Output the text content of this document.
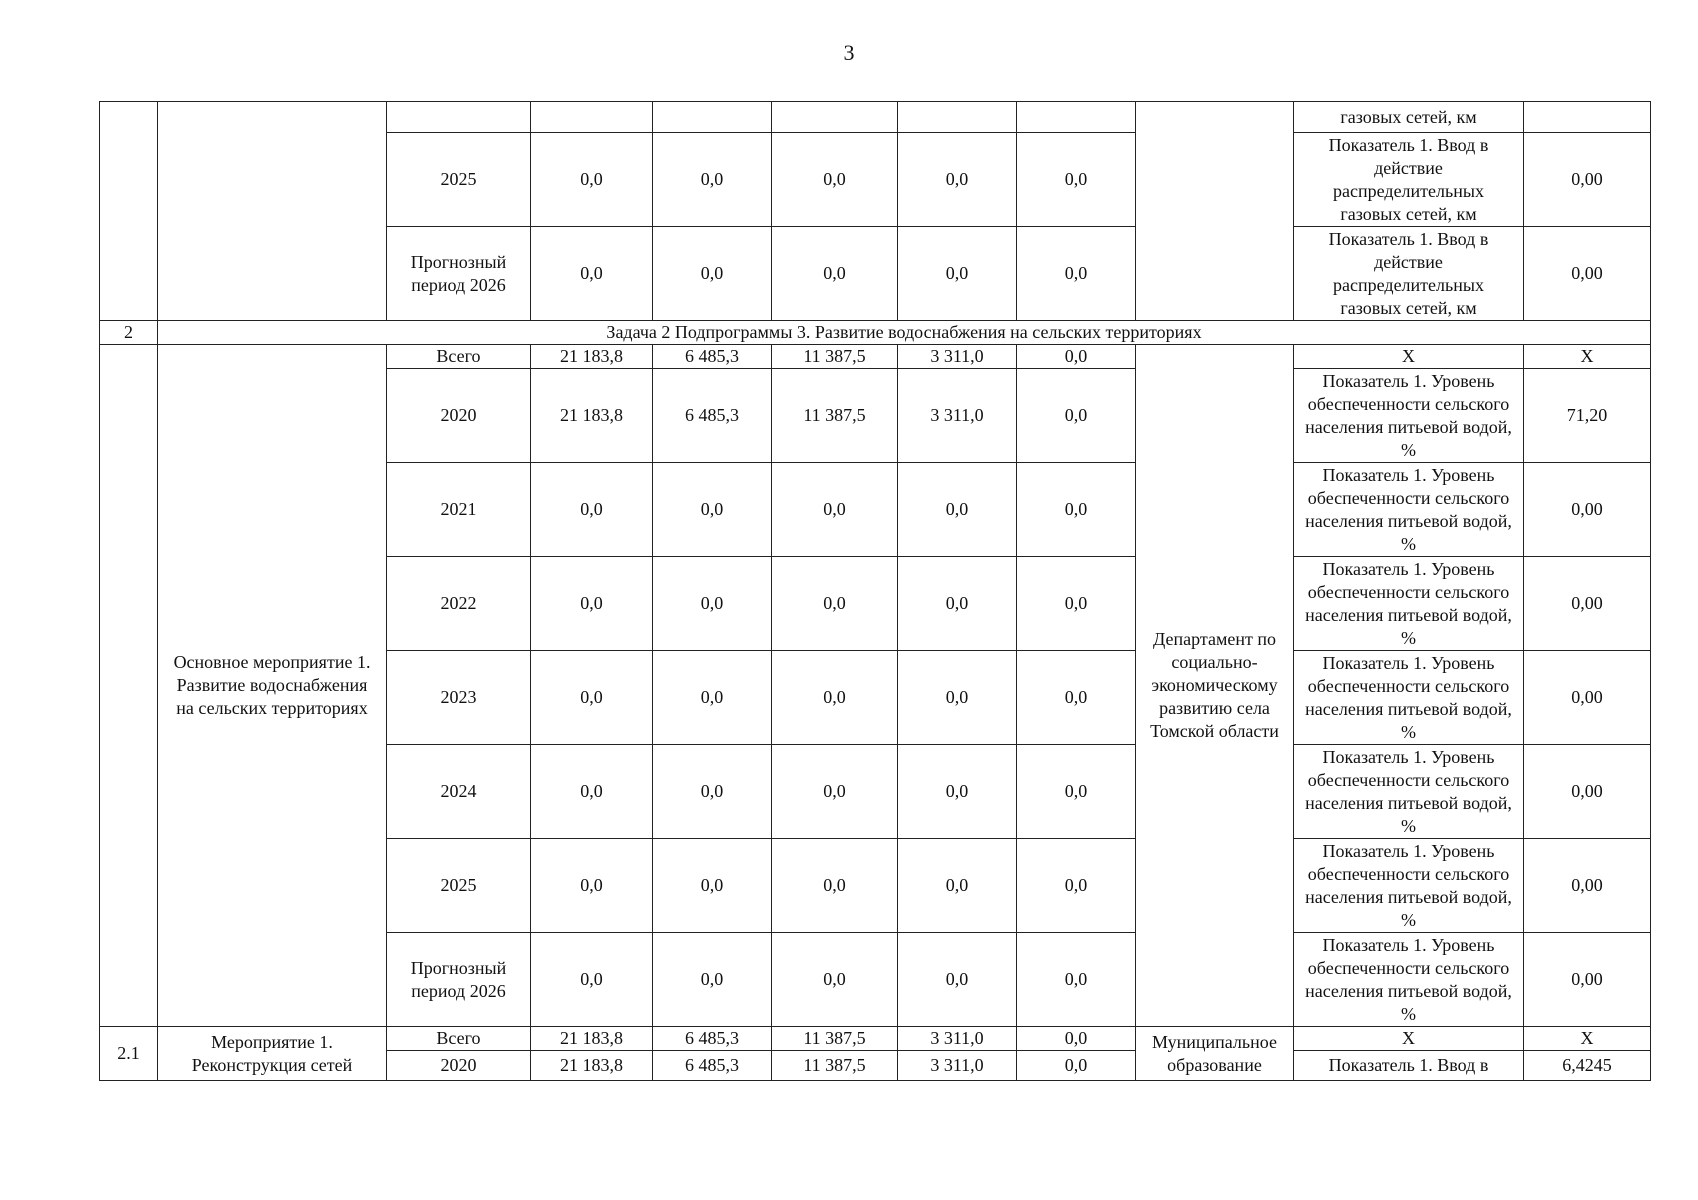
3
									газовых сетей, км	
		2025	0,0	0,0	0,0	0,0	0,0		Показатель 1. Ввод в действие распределительных газовых сетей, км	0,00
		Прогнозный период 2026	0,0	0,0	0,0	0,0	0,0		Показатель 1. Ввод в действие распределительных газовых сетей, км	0,00
2	Задача 2 Подпрограммы 3. Развитие водоснабжения на сельских территориях									
	Основное мероприятие 1. Развитие водоснабжения на сельских территориях	Всего	21 183,8	6 485,3	11 387,5	3 311,0	0,0	Департамент по социально-экономическому развитию села Томской области	Х	Х
		2020	21 183,8	6 485,3	11 387,5	3 311,0	0,0		Показатель 1. Уровень обеспеченности сельского населения питьевой водой, %	71,20
		2021	0,0	0,0	0,0	0,0	0,0		Показатель 1. Уровень обеспеченности сельского населения питьевой водой, %	0,00
		2022	0,0	0,0	0,0	0,0	0,0		Показатель 1. Уровень обеспеченности сельского населения питьевой водой, %	0,00
		2023	0,0	0,0	0,0	0,0	0,0		Показатель 1. Уровень обеспеченности сельского населения питьевой водой, %	0,00
		2024	0,0	0,0	0,0	0,0	0,0		Показатель 1. Уровень обеспеченности сельского населения питьевой водой, %	0,00
		2025	0,0	0,0	0,0	0,0	0,0		Показатель 1. Уровень обеспеченности сельского населения питьевой водой, %	0,00
		Прогнозный период 2026	0,0	0,0	0,0	0,0	0,0		Показатель 1. Уровень обеспеченности сельского населения питьевой водой, %	0,00
2.1	Мероприятие 1. Реконструкция сетей	Всего	21 183,8	6 485,3	11 387,5	3 311,0	0,0	Муниципальное образование	Х	Х
		2020	21 183,8	6 485,3	11 387,5	3 311,0	0,0		Показатель 1. Ввод в	6,4245
